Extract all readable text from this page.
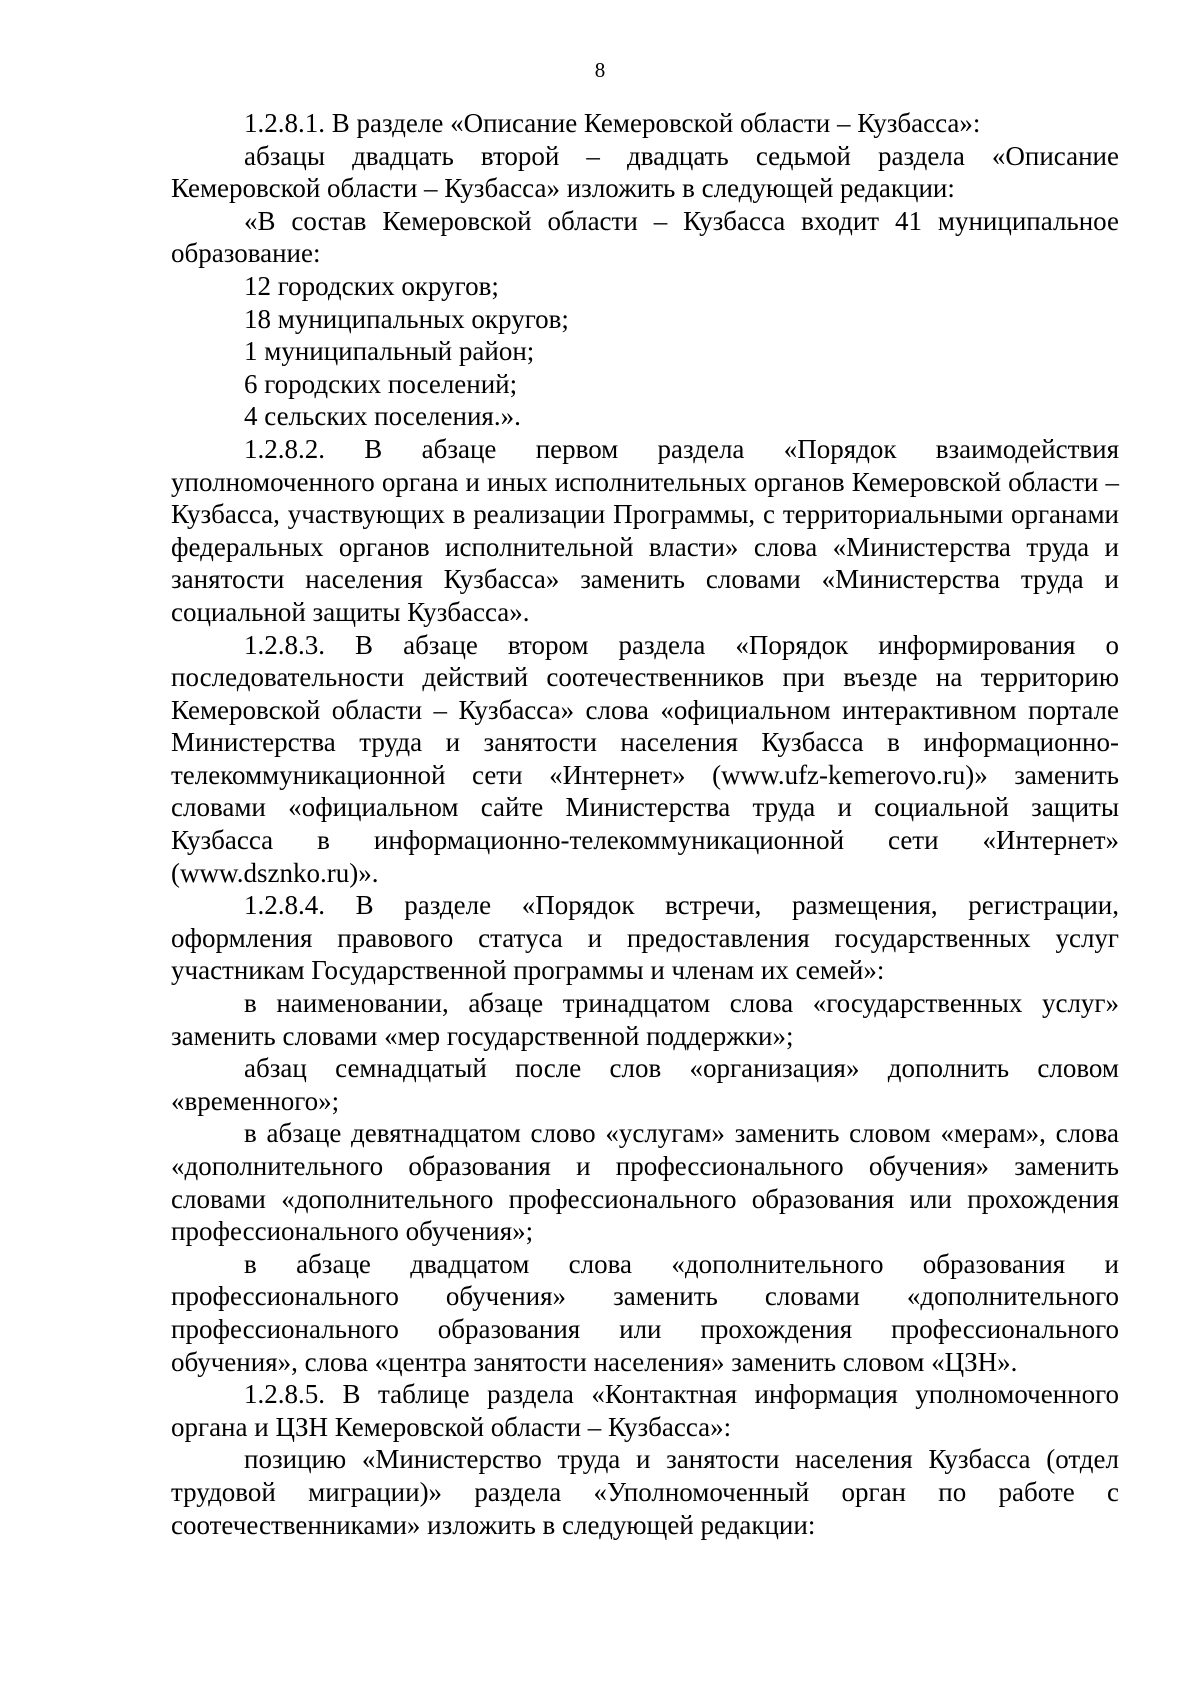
8

1.2.8.1. В разделе «Описание Кемеровской области – Кузбасса»:

абзацы двадцать второй – двадцать седьмой раздела «Описание Кемеровской области – Кузбасса» изложить в следующей редакции:

«В состав Кемеровской области – Кузбасса входит 41 муниципальное образование:

12 городских округов;

18 муниципальных округов;

1 муниципальный район;

6 городских поселений;

4 сельских поселения.».

1.2.8.2. В абзаце первом раздела «Порядок взаимодействия уполномоченного органа и иных исполнительных органов Кемеровской области – Кузбасса, участвующих в реализации Программы, с территориальными органами федеральных органов исполнительной власти» слова «Министерства труда и занятости населения Кузбасса» заменить словами «Министерства труда и социальной защиты Кузбасса».

1.2.8.3. В абзаце втором раздела «Порядок информирования о последовательности действий соотечественников при въезде на территорию Кемеровской области – Кузбасса» слова «официальном интерактивном портале Министерства труда и занятости населения Кузбасса в информационно-телекоммуникационной сети «Интернет» (www.ufz-kemerovo.ru)» заменить словами «официальном сайте Министерства труда и социальной защиты Кузбасса в информационно-телекоммуникационной сети «Интернет» (www.dsznko.ru)».

1.2.8.4. В разделе «Порядок встречи, размещения, регистрации, оформления правового статуса и предоставления государственных услуг участникам Государственной программы и членам их семей»:

в наименовании, абзаце тринадцатом слова «государственных услуг» заменить словами «мер государственной поддержки»;

абзац семнадцатый после слов «организация» дополнить словом «временного»;

в абзаце девятнадцатом слово «услугам» заменить словом «мерам», слова «дополнительного образования и профессионального обучения» заменить словами «дополнительного профессионального образования или прохождения профессионального обучения»;

в абзаце двадцатом слова «дополнительного образования и профессионального обучения» заменить словами «дополнительного профессионального образования или прохождения профессионального обучения», слова «центра занятости населения» заменить словом «ЦЗН».

1.2.8.5. В таблице раздела «Контактная информация уполномоченного органа и ЦЗН Кемеровской области – Кузбасса»:

позицию «Министерство труда и занятости населения Кузбасса (отдел трудовой миграции)» раздела «Уполномоченный орган по работе с соотечественниками» изложить в следующей редакции:
